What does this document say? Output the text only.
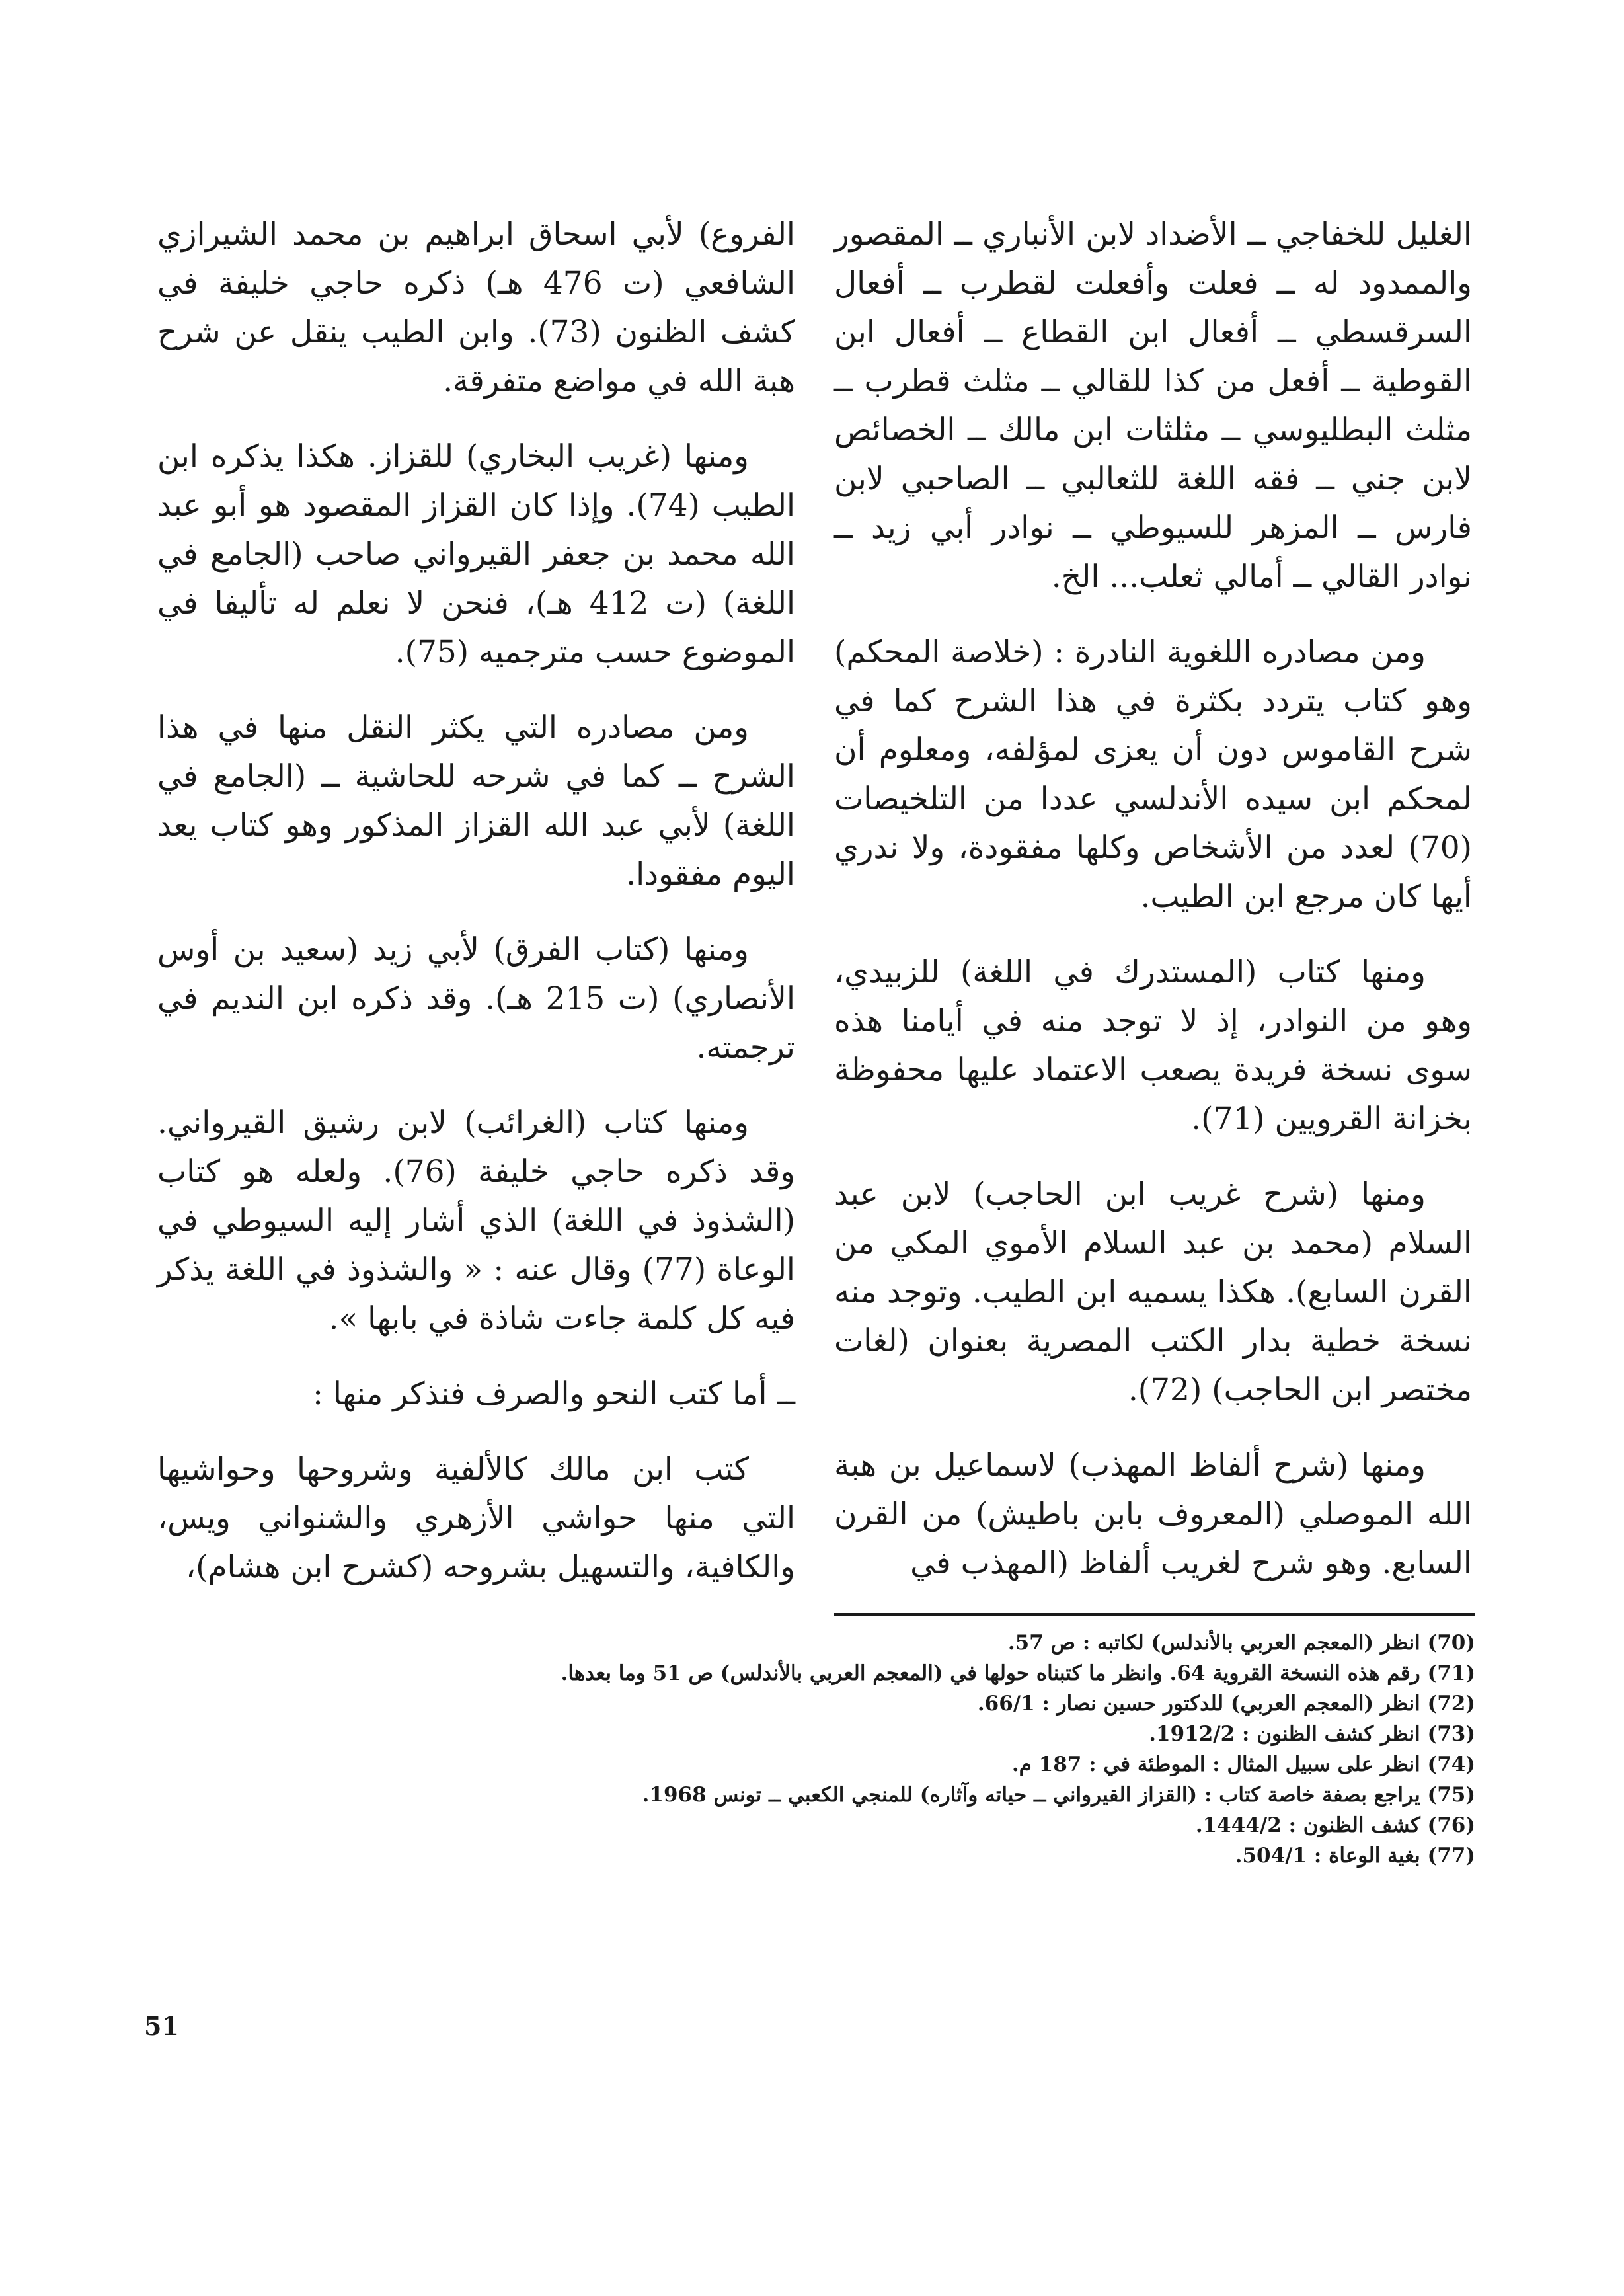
الغليل للخفاجي ــ الأضداد لابن الأنباري ــ المقصور والممدود له ــ فعلت وأفعلت لقطرب ــ أفعال السرقسطي ــ أفعال ابن القطاع ــ أفعال ابن القوطية ــ أفعل من كذا للقالي ــ مثلث قطرب ــ مثلث البطليوسي ــ مثلثات ابن مالك ــ الخصائص لابن جني ــ فقه اللغة للثعالبي ــ الصاحبي لابن فارس ــ المزهر للسيوطي ــ نوادر أبي زيد ــ نوادر القالي ــ أمالي ثعلب... الخ.

ومن مصادره اللغوية النادرة : (خلاصة المحكم) وهو كتاب يتردد بكثرة في هذا الشرح كما في شرح القاموس دون أن يعزى لمؤلفه، ومعلوم أن لمحكم ابن سيده الأندلسي عددا من التلخيصات (70) لعدد من الأشخاص وكلها مفقودة، ولا ندري أيها كان مرجع ابن الطيب.

ومنها كتاب (المستدرك في اللغة) للزبيدي، وهو من النوادر، إذ لا توجد منه في أيامنا هذه سوى نسخة فريدة يصعب الاعتماد عليها محفوظة بخزانة القرويين (71).

ومنها (شرح غريب ابن الحاجب) لابن عبد السلام (محمد بن عبد السلام الأموي المكي من القرن السابع). هكذا يسميه ابن الطيب. وتوجد منه نسخة خطية بدار الكتب المصرية بعنوان (لغات مختصر ابن الحاجب) (72).

ومنها (شرح ألفاظ المهذب) لاسماعيل بن هبة الله الموصلي (المعروف بابن باطيش) من القرن السابع. وهو شرح لغريب ألفاظ (المهذب في

الفروع) لأبي اسحاق ابراهيم بن محمد الشيرازي الشافعي (ت 476 هـ) ذكره حاجي خليفة في كشف الظنون (73). وابن الطيب ينقل عن شرح هبة الله في مواضع متفرقة.

ومنها (غريب البخاري) للقزاز. هكذا يذكره ابن الطيب (74). وإذا كان القزاز المقصود هو أبو عبد الله محمد بن جعفر القيرواني صاحب (الجامع في اللغة) (ت 412 هـ)، فنحن لا نعلم له تأليفا في الموضوع حسب مترجميه (75).

ومن مصادره التي يكثر النقل منها في هذا الشرح ــ كما في شرحه للحاشية ــ (الجامع في اللغة) لأبي عبد الله القزاز المذكور وهو كتاب يعد اليوم مفقودا.

ومنها (كتاب الفرق) لأبي زيد (سعيد بن أوس الأنصاري) (ت 215 هـ). وقد ذكره ابن النديم في ترجمته.

ومنها كتاب (الغرائب) لابن رشيق القيرواني. وقد ذكره حاجي خليفة (76). ولعله هو كتاب (الشذوذ في اللغة) الذي أشار إليه السيوطي في الوعاة (77) وقال عنه : « والشذوذ في اللغة يذكر فيه كل كلمة جاءت شاذة في بابها ».

ــ أما كتب النحو والصرف فنذكر منها :

كتب ابن مالك كالألفية وشروحها وحواشيها التي منها حواشي الأزهري والشنواني ويس، والكافية، والتسهيل بشروحه (كشرح ابن هشام)،

(70) انظر (المعجم العربي بالأندلس) لكاتبه : ص 57.
(71) رقم هذه النسخة القروية 64. وانظر ما كتبناه حولها في (المعجم العربي بالأندلس) ص 51 وما بعدها.
(72) انظر (المعجم العربي) للدكتور حسين نصار : 66/1.
(73) انظر كشف الظنون : 1912/2.
(74) انظر على سبيل المثال : الموطئة في : 187 م.
(75) يراجع بصفة خاصة كتاب : (القزاز القيرواني ــ حياته وآثاره) للمنجي الكعبي ــ تونس 1968.
(76) كشف الظنون : 1444/2.
(77) بغية الوعاة : 504/1.
51
